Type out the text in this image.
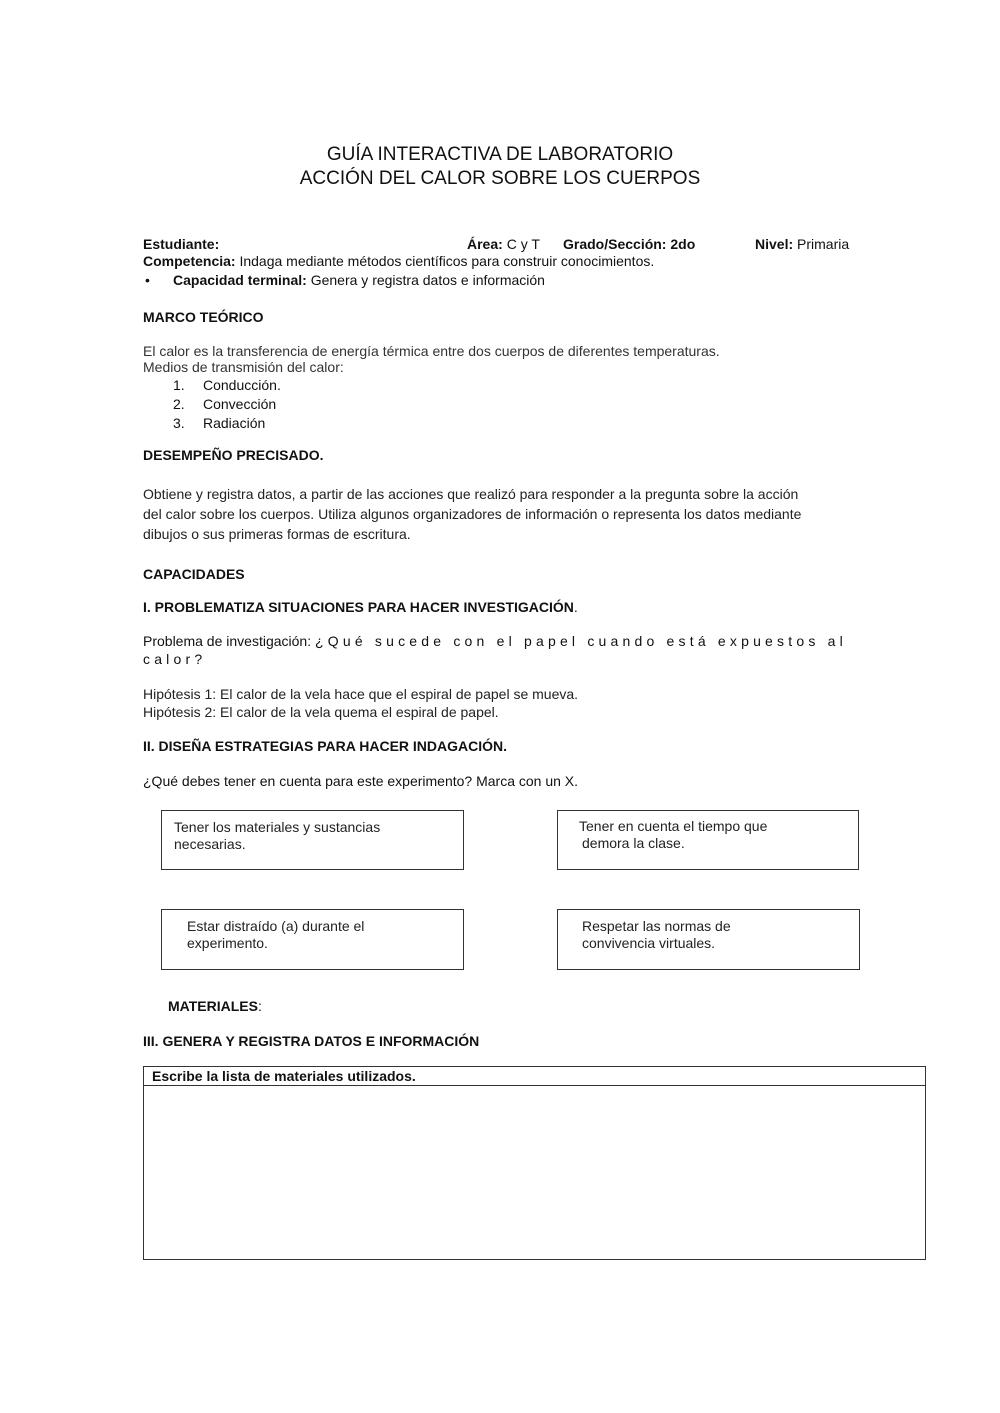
GUÍA INTERACTIVA DE LABORATORIO
ACCIÓN DEL CALOR SOBRE LOS CUERPOS
Estudiante:	Área: C y T Grado/Sección: 2do	Nivel: Primaria
Competencia: Indaga mediante métodos científicos para construir conocimientos.
• Capacidad terminal: Genera y registra datos e información
MARCO TEÓRICO
El calor es la transferencia de energía térmica entre dos cuerpos de diferentes temperaturas.
Medios de transmisión del calor:
1. Conducción.
2. Convección
3. Radiación
DESEMPEÑO PRECISADO.
Obtiene y registra datos, a partir de las acciones que realizó para responder a la pregunta sobre la acción
del calor sobre los cuerpos. Utiliza algunos organizadores de información o representa los datos mediante
dibujos o sus primeras formas de escritura.
CAPACIDADES
I. PROBLEMATIZA SITUACIONES PARA HACER INVESTIGACIÓN.
Problema de investigación: ¿Qué sucede con el papel cuando está expuestos al
calor?
Hipótesis 1: El calor de la vela hace que el espiral de papel se mueva.
Hipótesis 2: El calor de la vela quema el espiral de papel.
II. DISEÑA ESTRATEGIAS PARA HACER INDAGACIÓN.
¿Qué debes tener en cuenta para este experimento? Marca con un X.
Tener los materiales y sustancias
necesarias.
Tener en cuenta el tiempo que
demora la clase.
Estar distraído (a) durante el
experimento.
Respetar las normas de
convivencia virtuales.
MATERIALES:
III. GENERA Y REGISTRA DATOS E INFORMACIÓN
Escribe la lista de materiales utilizados.
